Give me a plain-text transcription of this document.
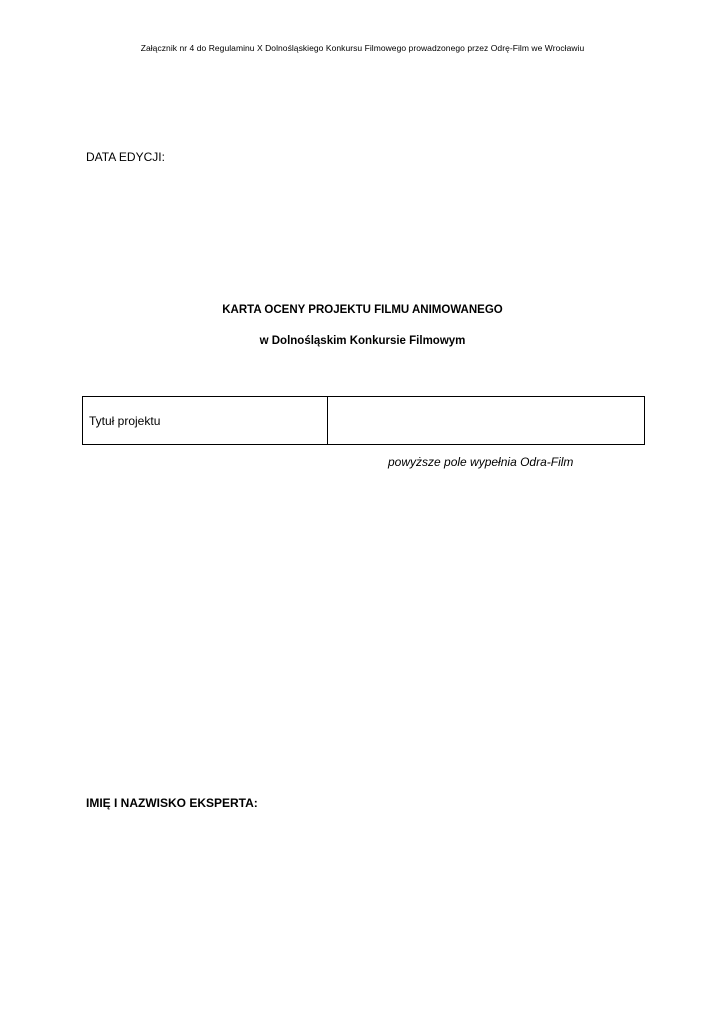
Załącznik nr 4 do Regulaminu X Dolnośląskiego Konkursu Filmowego prowadzonego przez Odrę-Film we Wrocławiu
DATA EDYCJI:
KARTA OCENY PROJEKTU FILMU ANIMOWANEGO
w Dolnośląskim Konkursie Filmowym
Tytuł projektu	
powyższe pole wypełnia Odra-Film
IMIĘ I NAZWISKO EKSPERTA:
